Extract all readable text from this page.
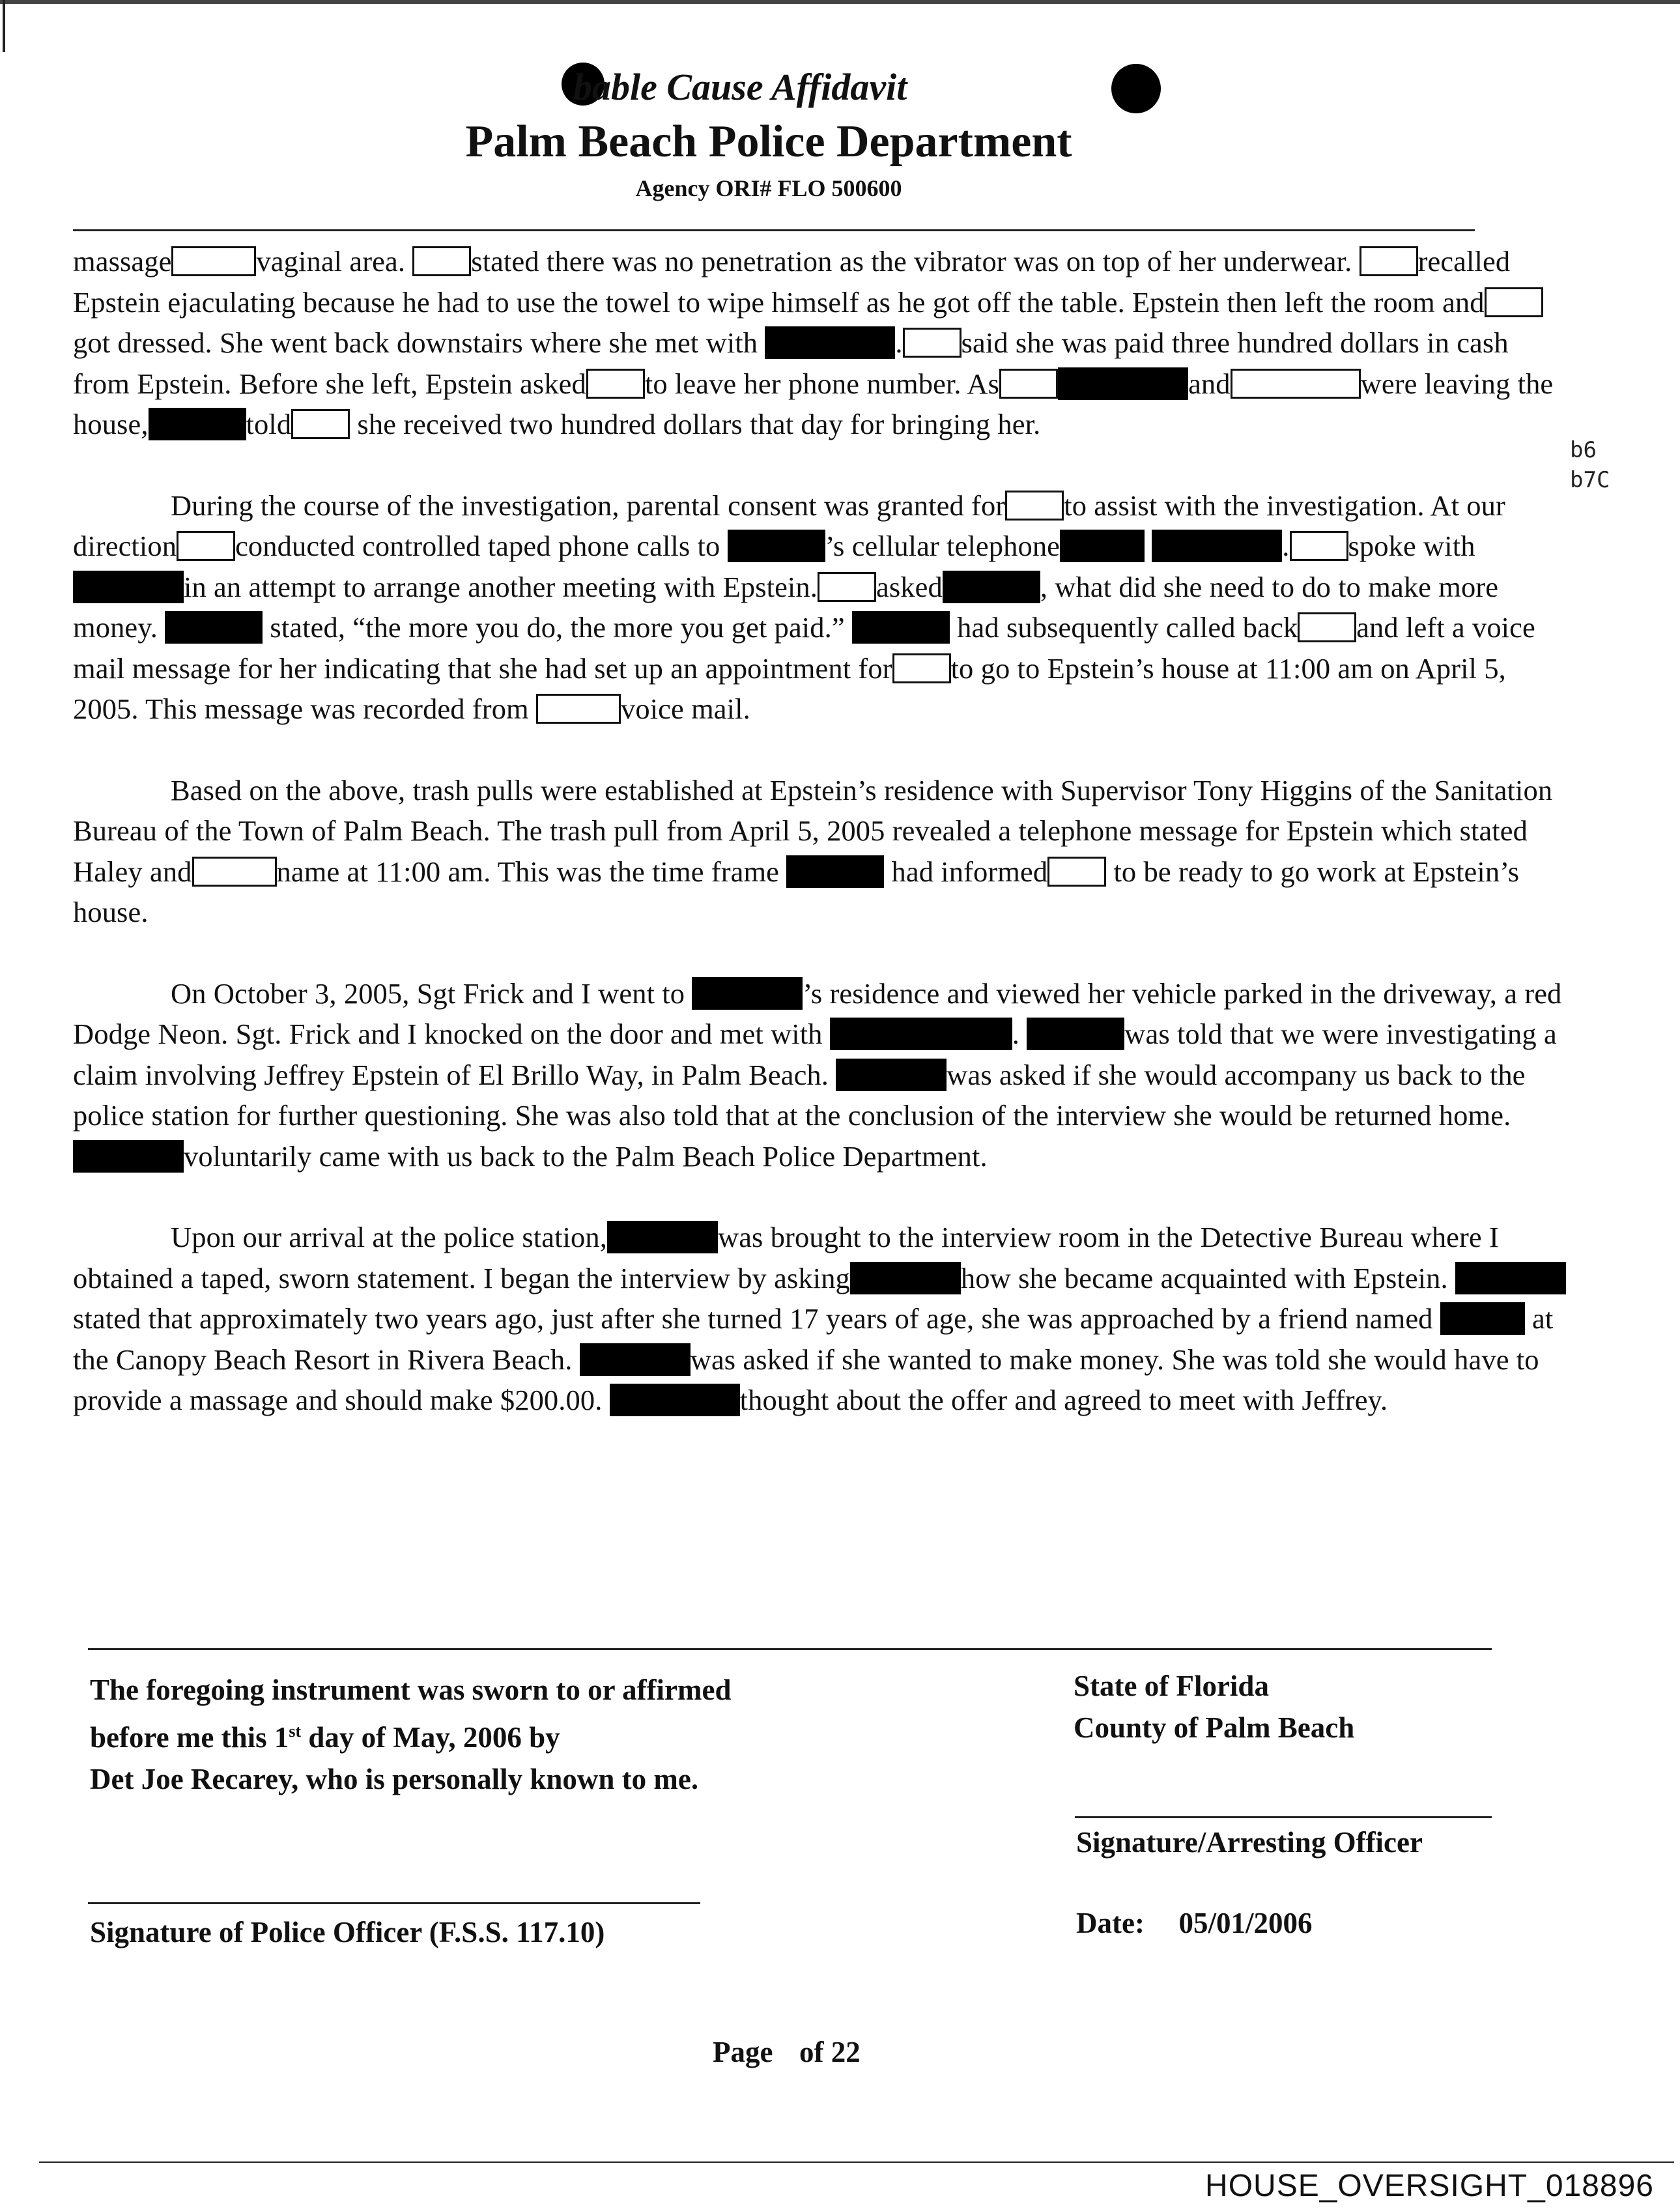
bable Cause Affidavit
Palm Beach Police Department
Agency ORI# FLO 500600
b6
b7C

massage	vaginal area. stated there was no penetration as the vibrator was on top of her underwear. recalled Epstein ejaculating because he had to use the towel to wipe himself as he got off the table. Epstein then left the room andgot dressed. She went back downstairs where she met with	. said she was paid three hundred dollars in cash from Epstein. Before she left, Epstein asked to leave her phone number. As	and	were leaving the house,	told she received two hundred dollars that day for bringing her.

During the course of the investigation, parental consent was granted for to assist with the investigation. At our direction conducted controlled taped phone calls to	’s cellular telephone	. spoke with in an attempt to arrange another meeting with Epstein. asked	, what did she need to do to make more money.	stated, “the more you do, the more you get paid.”	had subsequently called back and left a voice mail message for her indicating that she had set up an appointment for to go to Epstein’s house at 11:00 am on April 5, 2005. This message was recorded from	voice mail.

Based on the above, trash pulls were established at Epstein’s residence with Supervisor Tony Higgins of the Sanitation Bureau of the Town of Palm Beach. The trash pull from April 5, 2005 revealed a telephone message for Epstein which stated Haley and	name at 11:00 am. This was the time frame	had informed to be ready to go work at Epstein’s house.

On October 3, 2005, Sgt Frick and I went to	’s residence and viewed her vehicle parked in the driveway, a red Dodge Neon. Sgt. Frick and I knocked on the door and met with	.	was told that we were investigating a claim involving Jeffrey Epstein of El Brillo Way, in Palm Beach.	was asked if she would accompany us back to the police station for further questioning. She was also told that at the conclusion of the interview she would be returned home. voluntarily came with us back to the Palm Beach Police Department.

Upon our arrival at the police station,	was brought to the interview room in the Detective Bureau where I obtained a taped, sworn statement. I began the interview by asking	how she became acquainted with Epstein.  stated that approximately two years ago, just after she turned 17 years of age, she was approached by a friend named	at the Canopy Beach Resort in Rivera Beach.	was asked if she wanted to make money. She was told she would have to provide a massage and should make $200.00.	thought about the offer and agreed to meet with Jeffrey.

The foregoing instrument was sworn to or affirmed
before me this 1st day of May, 2006 by
Det Joe Recarey, who is personally known to me.
State of Florida
County of Palm Beach
Signature/Arresting Officer
Signature of Police Officer (F.S.S. 117.10)	Date: 05/01/2006
Page of 22
HOUSE_OVERSIGHT_018896
